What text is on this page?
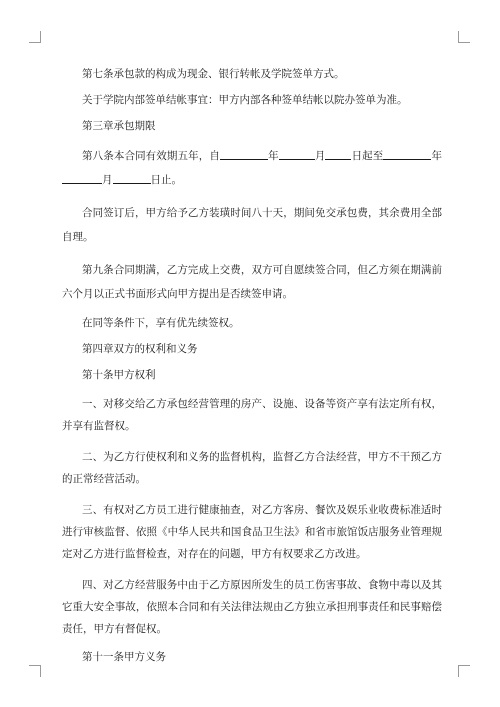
第七条承包款的构成为现金、银行转帐及学院签单方式。

关于学院内部签单结帐事宜：甲方内部各种签单结帐以院办签单为准。

第三章承包期限

第八条本合同有效期五年，自	年	月 日起至	年月	日止。

合同签订后，甲方给予乙方装璜时间八十天，期间免交承包费，其余费用全部自理。

第九条合同期满，乙方完成上交费，双方可自愿续签合同，但乙方须在期满前六个月以正式书面形式向甲方提出是否续签申请。

在同等条件下，享有优先续签权。

第四章双方的权利和义务

第十条甲方权利

一、对移交给乙方承包经营管理的房产、设施、设备等资产享有法定所有权，并享有监督权。

二、为乙方行使权利和义务的监督机构，监督乙方合法经营，甲方不干预乙方的正常经营活动。

三、有权对乙方员工进行健康抽查，对乙方客房、餐饮及娱乐业收费标准适时进行审核监督、依照《中华人民共和国食品卫生法》和省市旅馆饭店服务业管理规定对乙方进行监督检查，对存在的问题，甲方有权要求乙方改进。

四、对乙方经营服务中由于乙方原因所发生的员工伤害事故、食物中毒以及其它重大安全事故，依照本合同和有关法律法规由乙方独立承担刑事责任和民事赔偿责任，甲方有督促权。

第十一条甲方义务
